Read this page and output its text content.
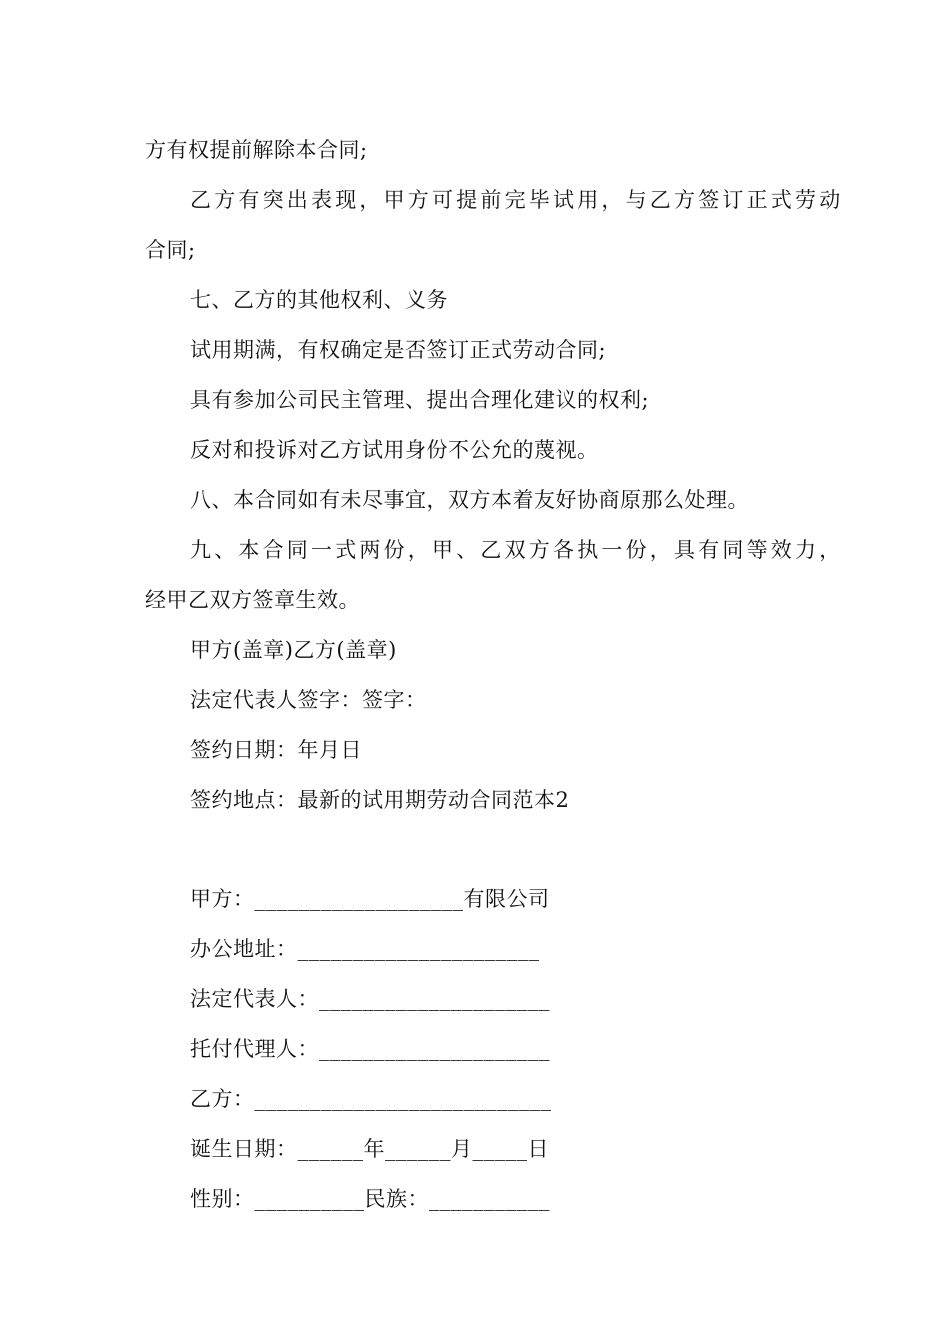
方有权提前解除本合同;
乙方有突出表现，甲方可提前完毕试用，与乙方签订正式劳动
合同;
七、乙方的其他权利、义务
试用期满，有权确定是否签订正式劳动合同;
具有参加公司民主管理、提出合理化建议的权利;
反对和投诉对乙方试用身份不公允的蔑视。
八、本合同如有未尽事宜，双方本着友好协商原那么处理。
九、本合同一式两份，甲、乙双方各执一份，具有同等效力，
经甲乙双方签章生效。
甲方(盖章)乙方(盖章)
法定代表人签字：签字：
签约日期：年月日
签约地点：最新的试用期劳动合同范本2
甲方：___________________有限公司
办公地址：______________________
法定代表人：_____________________
托付代理人：_____________________
乙方：___________________________
诞生日期：______年______月_____日
性别：__________民族：___________
